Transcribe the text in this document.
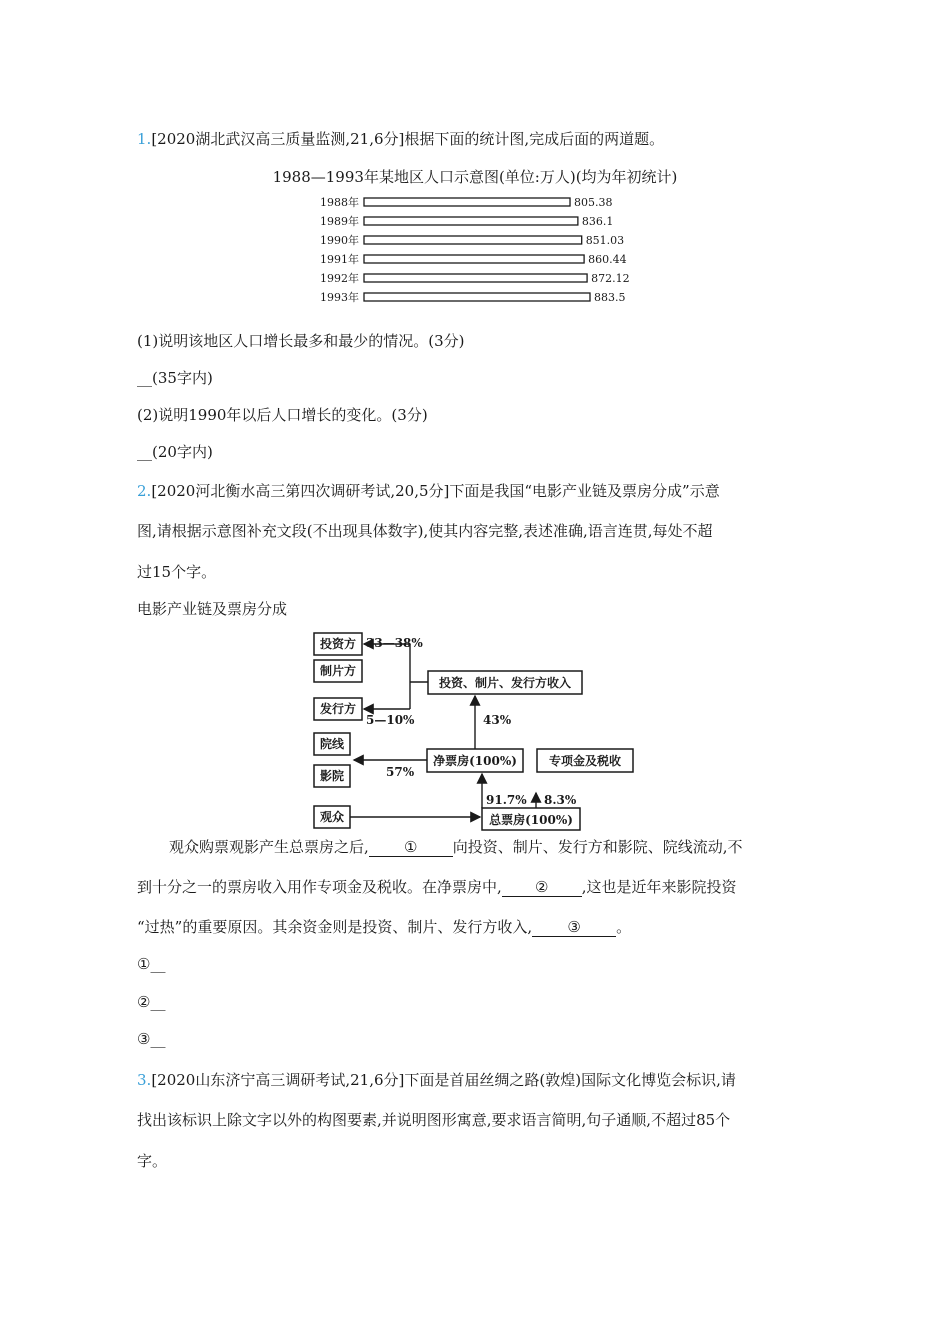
1.[2020湖北武汉高三质量监测,21,6分]根据下面的统计图,完成后面的两道题。
1988—1993年某地区人口示意图(单位:万人)(均为年初统计)
1988年	805.38
1989年	836.1
1990年	851.03
1991年	860.44
1992年	872.12
1993年	883.5
(1)说明该地区人口增长最多和最少的情况。(3分)
__(35字内)
(2)说明1990年以后人口增长的变化。(3分)
__(20字内)
2.[2020河北衡水高三第四次调研考试,20,5分]下面是我国“电影产业链及票房分成”示意
图,请根据示意图补充文段(不出现具体数字),使其内容完整,表述准确,语言连贯,每处不超
过15个字。
电影产业链及票房分成
投资方
制片方
发行方
院线
影院
观众
投资、制片、发行方收入
净票房(100%)	专项金及税收
总票房(100%)
33—38%
5—10%	43%
57%
91.7% 8.3%
观众购票观影产生总票房之后, ① 向投资、制片、发行方和影院、院线流动,不
到十分之一的票房收入用作专项金及税收。在净票房中, ② ,这也是近年来影院投资
“过热”的重要原因。其余资金则是投资、制片、发行方收入, ③ 。
①__
②__
③__
3.[2020山东济宁高三调研考试,21,6分]下面是首届丝绸之路(敦煌)国际文化博览会标识,请
找出该标识上除文字以外的构图要素,并说明图形寓意,要求语言简明,句子通顺,不超过85个
字。
